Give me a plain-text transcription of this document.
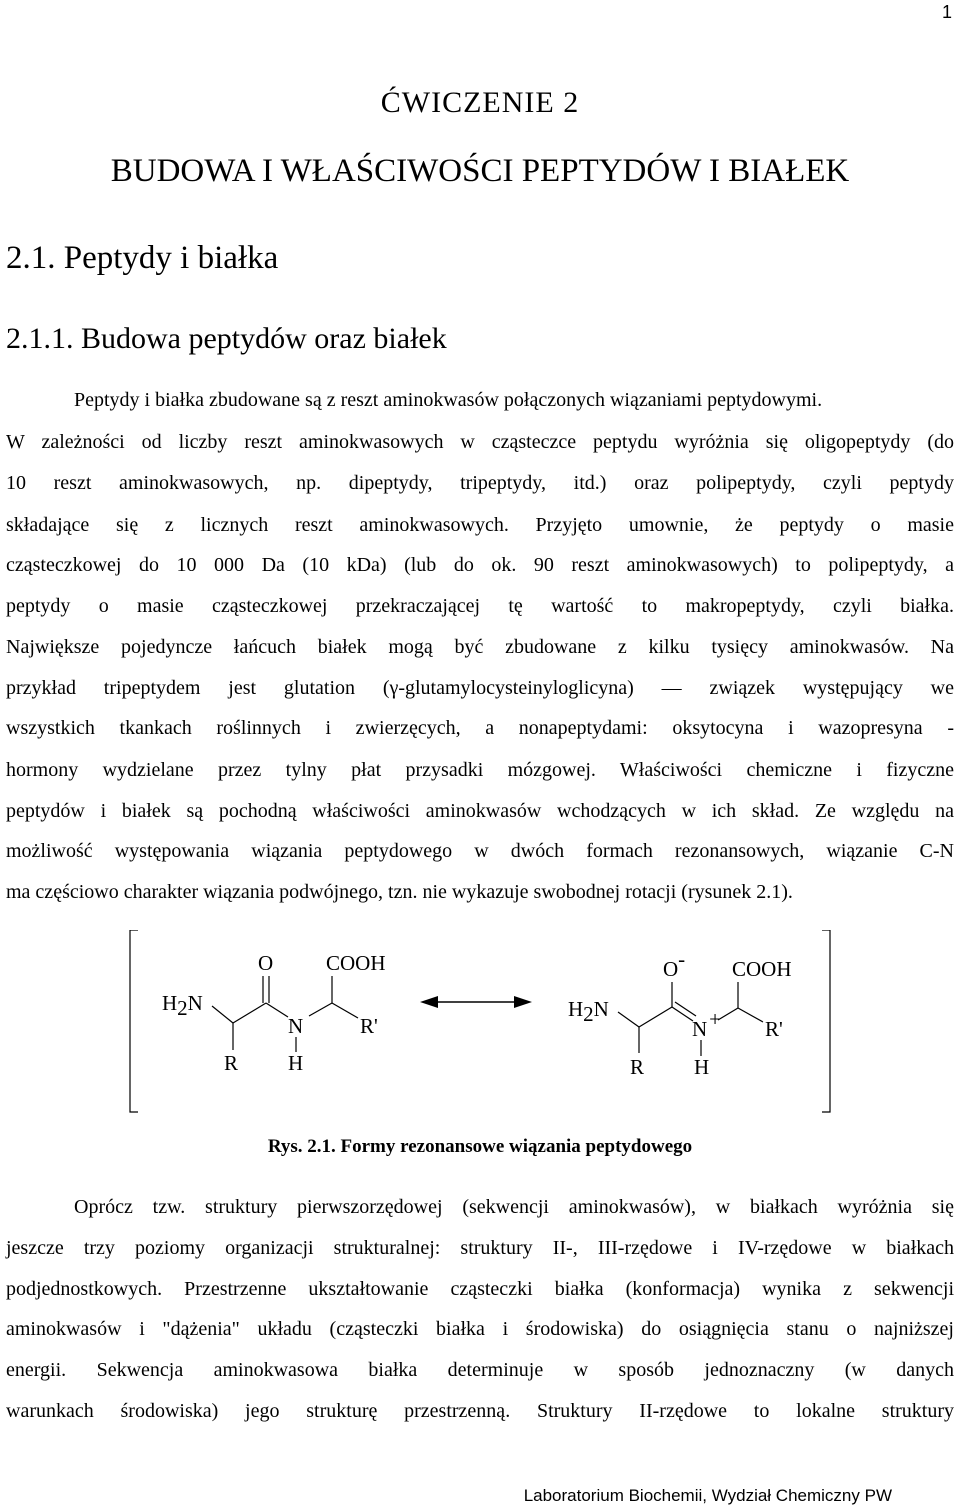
1
ĆWICZENIE 2
BUDOWA I WŁAŚCIWOŚCI PEPTYDÓW I BIAŁEK
2.1. Peptydy i białka
2.1.1. Budowa peptydów oraz białek
Peptydy i białka zbudowane są z reszt aminokwasów połączonych wiązaniami peptydowymi.
W zależności od liczby reszt aminokwasowych w cząsteczce peptydu wyróżnia się oligopeptydy (do
10 reszt aminokwasowych, np. dipeptydy, tripeptydy, itd.) oraz polipeptydy, czyli peptydy
składające się z licznych reszt aminokwasowych. Przyjęto umownie, że peptydy o masie
cząsteczkowej do 10 000 Da (10 kDa) (lub do ok. 90 reszt aminokwasowych) to polipeptydy, a
peptydy o masie cząsteczkowej przekraczającej tę wartość to makropeptydy, czyli białka.
Największe pojedyncze łańcuch białek mogą być zbudowane z kilku tysięcy aminokwasów. Na
przykład tripeptydem jest glutation (γ-glutamylocysteinyloglicyna) — związek występujący we
wszystkich tkankach roślinnych i zwierzęcych, a nonapeptydami: oksytocyna i wazopresyna -
hormony wydzielane przez tylny płat przysadki mózgowej. Właściwości chemiczne i fizyczne
peptydów i białek są pochodną właściwości aminokwasów wchodzących w ich skład. Ze względu na
możliwość występowania wiązania peptydowego w dwóch formach rezonansowych, wiązanie C-N
ma częściowo charakter wiązania podwójnego, tzn. nie wykazuje swobodnej rotacji (rysunek 2.1).
H2N
O	COOH
N	R'
R H
H2N
O- COOH
N+ R'
R H
Rys. 2.1. Formy rezonansowe wiązania peptydowego
Oprócz tzw. struktury pierwszorzędowej (sekwencji aminokwasów), w białkach wyróżnia się
jeszcze trzy poziomy organizacji strukturalnej: struktury II-, III-rzędowe i IV-rzędowe w białkach
podjednostkowych. Przestrzenne ukształtowanie cząsteczki białka (konformacja) wynika z sekwencji
aminokwasów i "dążenia" układu (cząsteczki białka i środowiska) do osiągnięcia stanu o najniższej
energii. Sekwencja aminokwasowa białka determinuje w sposób jednoznaczny (w danych
warunkach środowiska) jego strukturę przestrzenną. Struktury II-rzędowe to lokalne struktury
Laboratorium Biochemii, Wydział Chemiczny PW
